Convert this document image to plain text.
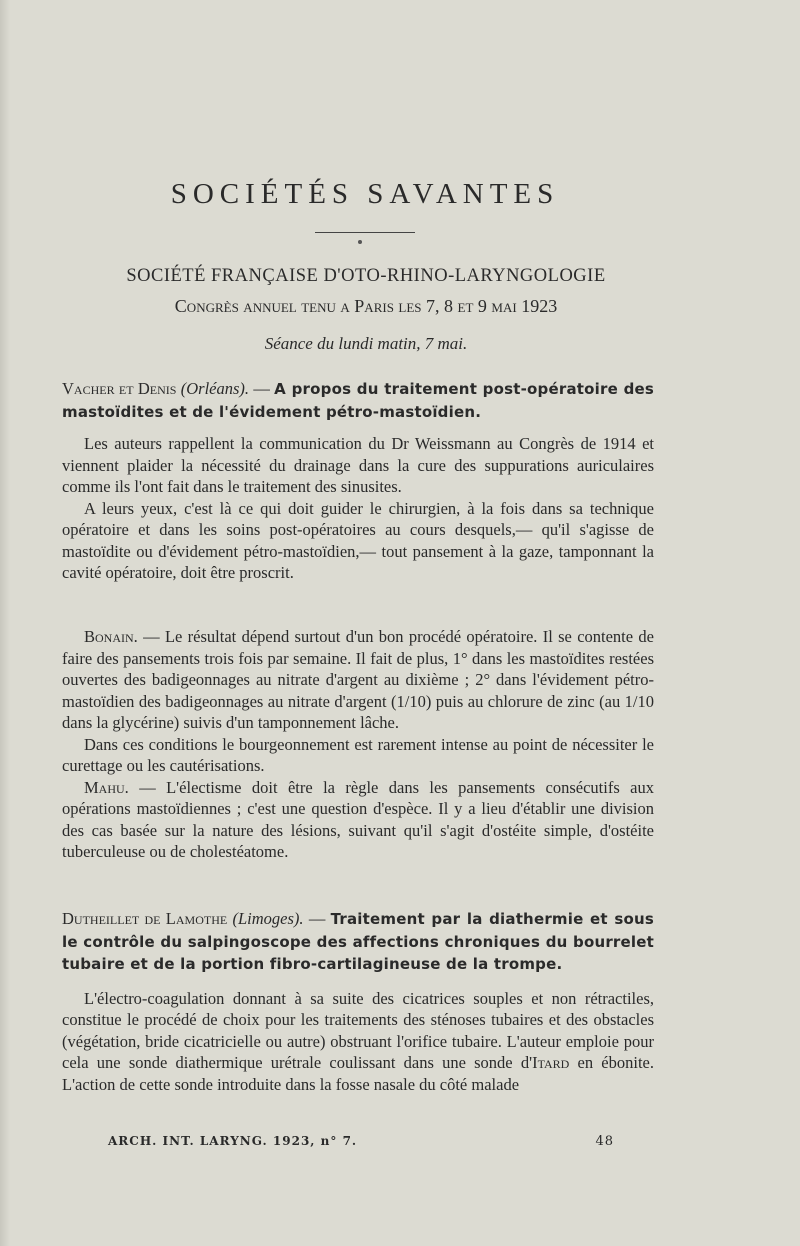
SOCIÉTÉS SAVANTES
SOCIÉTÉ FRANÇAISE D'OTO-RHINO-LARYNGOLOGIE
Congrès annuel tenu a Paris les 7, 8 et 9 mai 1923
Séance du lundi matin, 7 mai.

Vacher et Denis (Orléans). — A propos du traitement post-opératoire des mastoïdites et de l'évidement pétro-mastoïdien.

Les auteurs rappellent la communication du Dr Weissmann au Congrès de 1914 et viennent plaider la nécessité du drainage dans la cure des suppurations auriculaires comme ils l'ont fait dans le traitement des sinusites.

A leurs yeux, c'est là ce qui doit guider le chirurgien, à la fois dans sa technique opératoire et dans les soins post-opératoires au cours desquels,— qu'il s'agisse de mastoïdite ou d'évidement pétro-mastoïdien,— tout pansement à la gaze, tamponnant la cavité opératoire, doit être proscrit.

Bonain. — Le résultat dépend surtout d'un bon procédé opératoire. Il se contente de faire des pansements trois fois par semaine. Il fait de plus, 1° dans les mastoïdites restées ouvertes des badigeonnages au nitrate d'argent au dixième ; 2° dans l'évidement pétro-mastoïdien des badigeonnages au nitrate d'argent (1/10) puis au chlorure de zinc (au 1/10 dans la glycérine) suivis d'un tamponnement lâche.

Dans ces conditions le bourgeonnement est rarement intense au point de nécessiter le curettage ou les cautérisations.

Mahu. — L'électisme doit être la règle dans les pansements consécutifs aux opérations mastoïdiennes ; c'est une question d'espèce. Il y a lieu d'établir une division des cas basée sur la nature des lésions, suivant qu'il s'agit d'ostéite simple, d'ostéite tuberculeuse ou de cholestéatome.

Dutheillet de Lamothe (Limoges). — Traitement par la diathermie et sous le contrôle du salpingoscope des affections chroniques du bourrelet tubaire et de la portion fibro-cartilagineuse de la trompe.

L'électro-coagulation donnant à sa suite des cicatrices souples et non rétractiles, constitue le procédé de choix pour les traitements des sténoses tubaires et des obstacles (végétation, bride cicatricielle ou autre) obstruant l'orifice tubaire. L'auteur emploie pour cela une sonde diathermique urétrale coulissant dans une sonde d'Itard en ébonite. L'action de cette sonde introduite dans la fosse nasale du côté malade

ARCH. INT. LARYNG. 1923, n° 7.	48
